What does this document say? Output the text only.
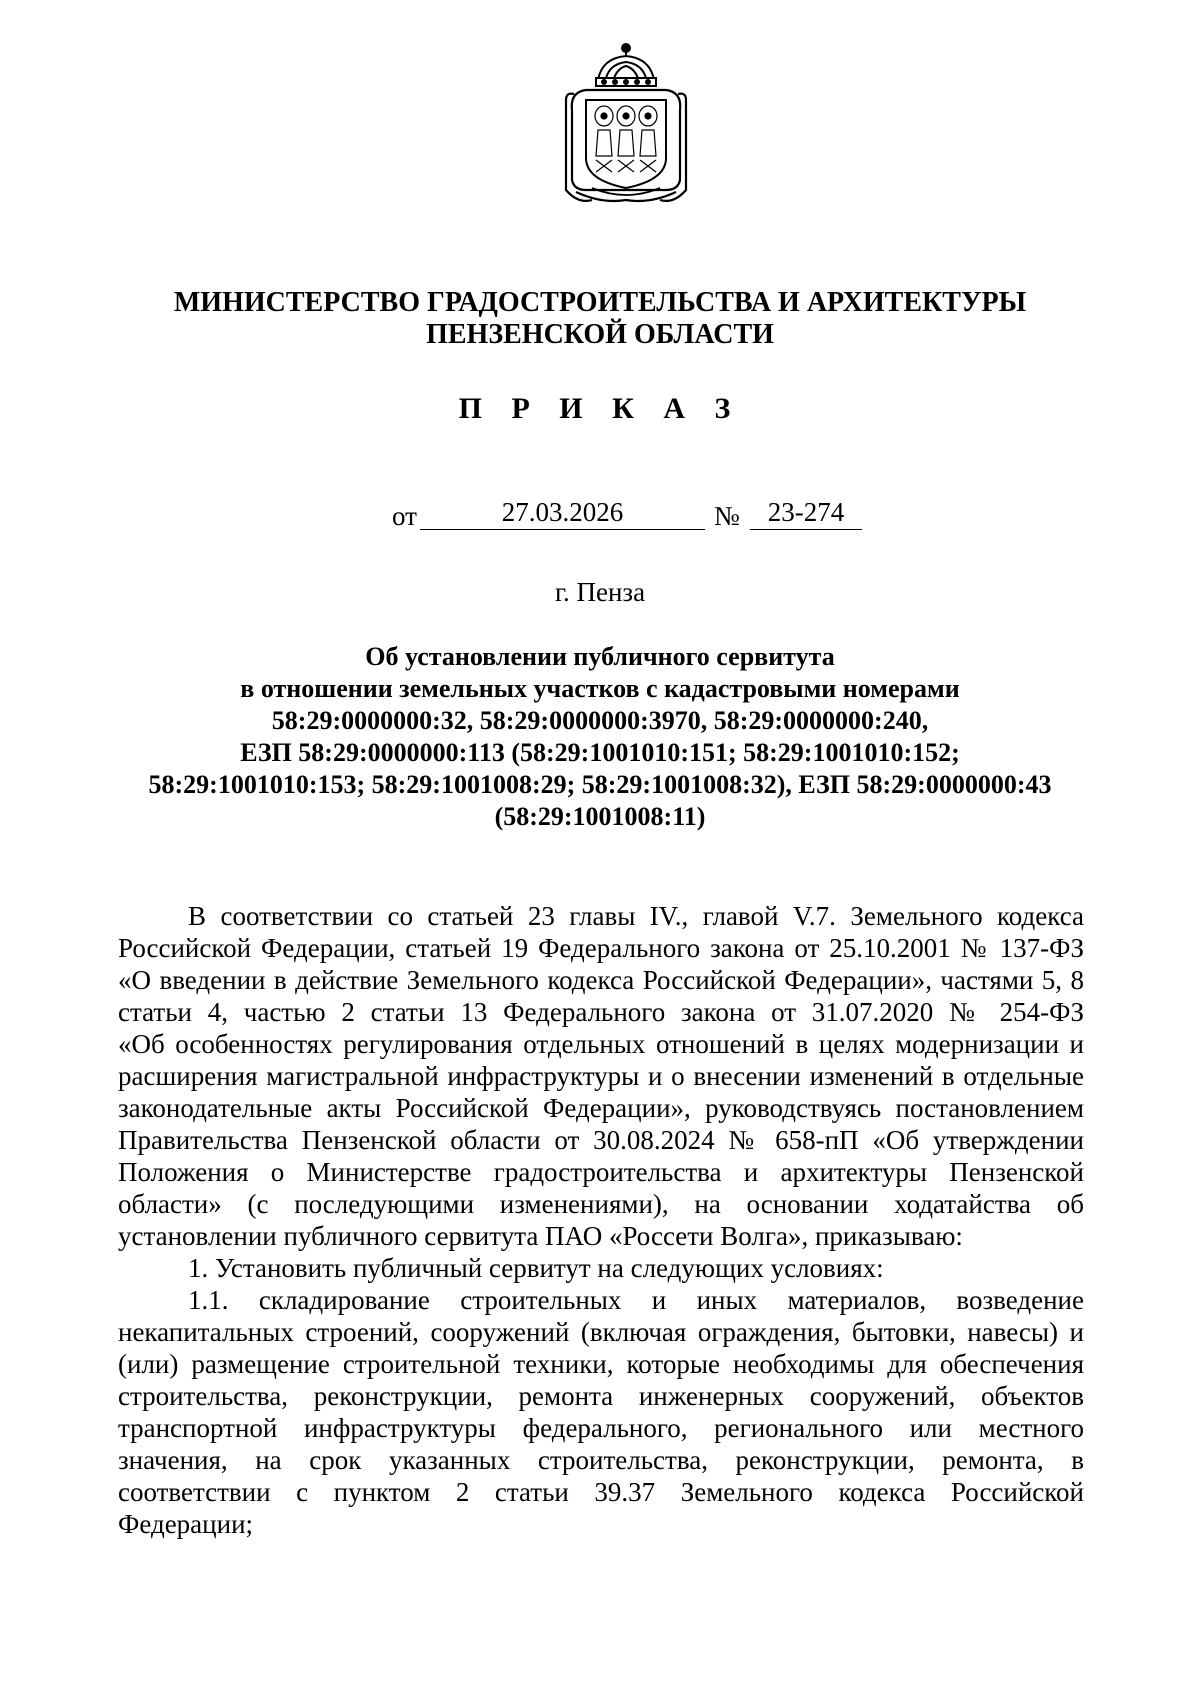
МИНИСТЕРСТВО ГРАДОСТРОИТЕЛЬСТВА И АРХИТЕКТУРЫ
ПЕНЗЕНСКОЙ ОБЛАСТИ
П Р И К А З
от	27.03.2026	№	23-274
г. Пенза
Об установлении публичного сервитута
в отношении земельных участков с кадастровыми номерами
58:29:0000000:32, 58:29:0000000:3970, 58:29:0000000:240,
ЕЗП 58:29:0000000:113 (58:29:1001010:151; 58:29:1001010:152;
58:29:1001010:153; 58:29:1001008:29; 58:29:1001008:32), ЕЗП 58:29:0000000:43
(58:29:1001008:11)
В соответствии со статьей 23 главы IV., главой V.7. Земельного кодекса
Российской Федерации, статьей 19 Федерального закона от 25.10.2001 № 137-ФЗ
«О введении в действие Земельного кодекса Российской Федерации», частями 5, 8
статьи 4, частью 2 статьи 13 Федерального закона от 31.07.2020 № 254-ФЗ
«Об особенностях регулирования отдельных отношений в целях модернизации и
расширения магистральной инфраструктуры и о внесении изменений в отдельные
законодательные акты Российской Федерации», руководствуясь постановлением
Правительства Пензенской области от 30.08.2024 № 658-пП «Об утверждении
Положения о Министерстве градостроительства и архитектуры Пензенской
области» (с последующими изменениями), на основании ходатайства об
установлении публичного сервитута ПАО «Россети Волга», приказываю:
1. Установить публичный сервитут на следующих условиях:
1.1. складирование строительных и иных материалов, возведение
некапитальных строений, сооружений (включая ограждения, бытовки, навесы) и
(или) размещение строительной техники, которые необходимы для обеспечения
строительства, реконструкции, ремонта инженерных сооружений, объектов
транспортной инфраструктуры федерального, регионального или местного
значения, на срок указанных строительства, реконструкции, ремонта, в
соответствии с пунктом 2 статьи 39.37 Земельного кодекса Российской
Федерации;
